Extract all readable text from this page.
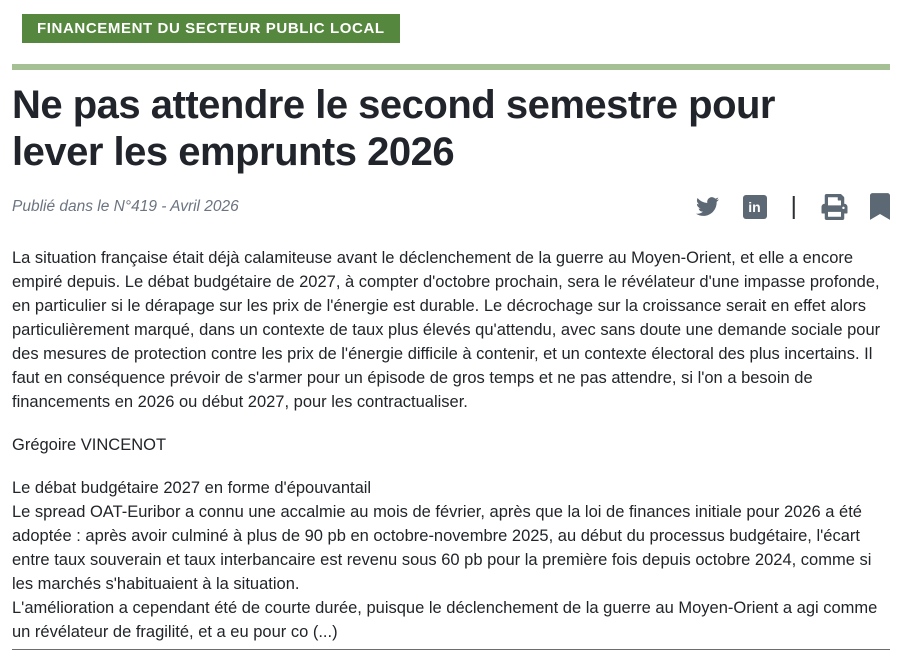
FINANCEMENT DU SECTEUR PUBLIC LOCAL
Ne pas attendre le second semestre pour lever les emprunts 2026
Publié dans le N°419 - Avril 2026	in |

La situation française était déjà calamiteuse avant le déclenchement de la guerre au Moyen-Orient, et elle a encore empiré depuis. Le débat budgétaire de 2027, à compter d'octobre prochain, sera le révélateur d'une impasse profonde, en particulier si le dérapage sur les prix de l'énergie est durable. Le décrochage sur la croissance serait en effet alors particulièrement marqué, dans un contexte de taux plus élevés qu'attendu, avec sans doute une demande sociale pour des mesures de protection contre les prix de l'énergie difficile à contenir, et un contexte électoral des plus incertains. Il faut en conséquence prévoir de s'armer pour un épisode de gros temps et ne pas attendre, si l'on a besoin de financements en 2026 ou début 2027, pour les contractualiser.

Grégoire VINCENOT

Le débat budgétaire 2027 en forme d'épouvantail
Le spread OAT-Euribor a connu une accalmie au mois de février, après que la loi de finances initiale pour 2026 a été adoptée : après avoir culminé à plus de 90 pb en octobre-novembre 2025, au début du processus budgétaire, l'écart entre taux souverain et taux interbancaire est revenu sous 60 pb pour la première fois depuis octobre 2024, comme si les marchés s'habituaient à la situation.
L'amélioration a cependant été de courte durée, puisque le déclenchement de la guerre au Moyen-Orient a agi comme un révélateur de fragilité, et a eu pour co (...)
